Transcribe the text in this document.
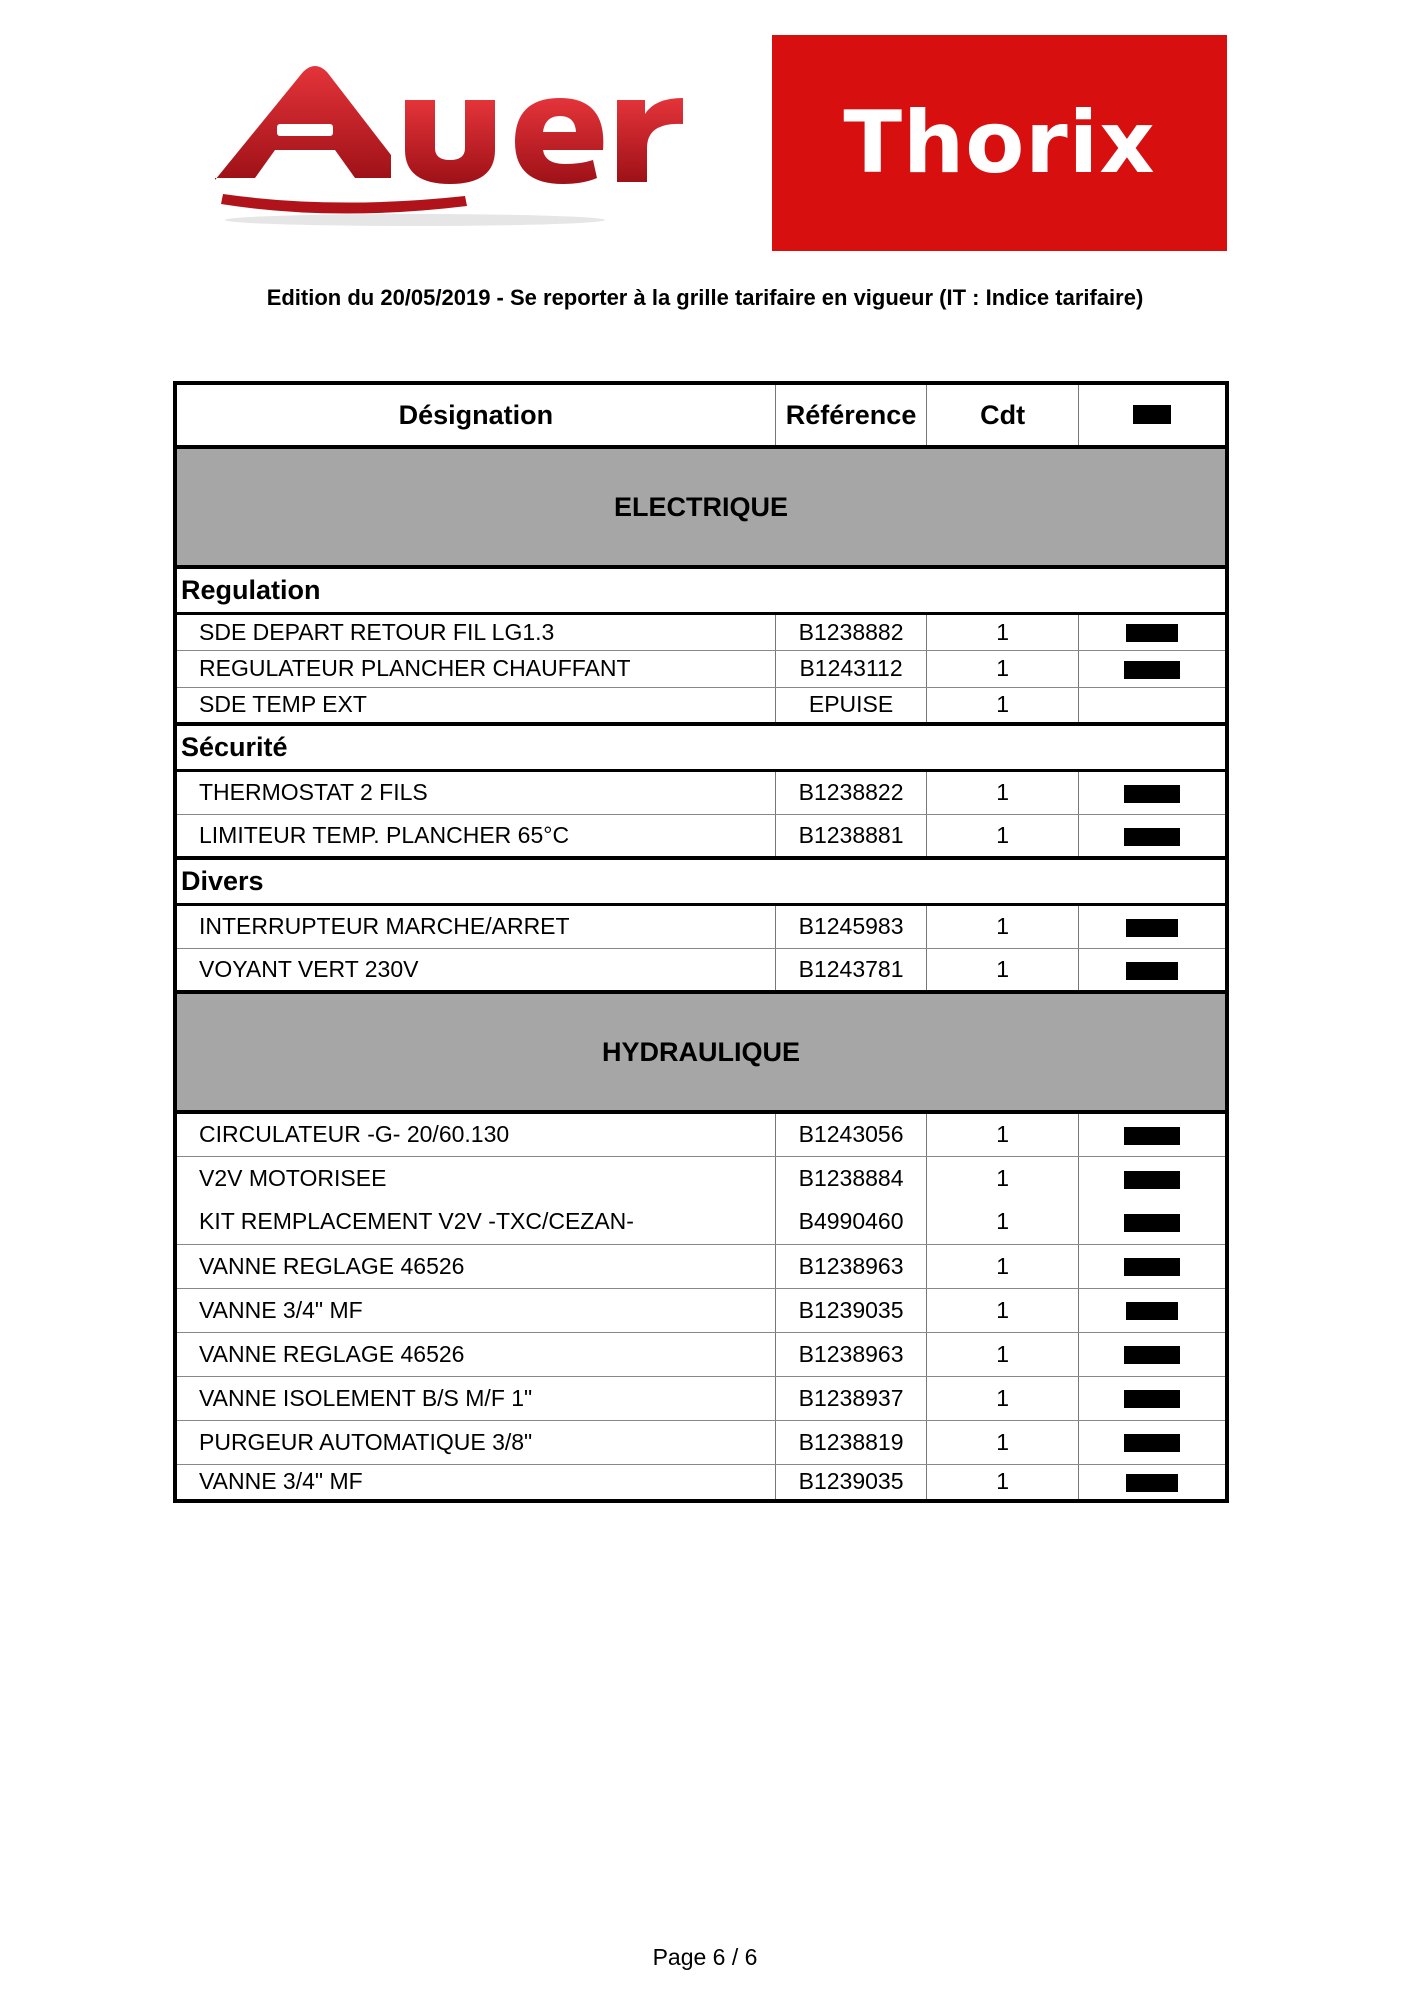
Thorix
Edition du 20/05/2019 - Se reporter à la grille tarifaire en vigueur (IT : Indice tarifaire)
Désignation	Référence	Cdt	
ELECTRIQUE			
Regulation			
SDE DEPART RETOUR FIL LG1.3	B1238882	1	
REGULATEUR PLANCHER CHAUFFANT	B1243112	1	
SDE TEMP EXT	EPUISE	1	
Sécurité			
THERMOSTAT 2 FILS	B1238822	1	
LIMITEUR TEMP. PLANCHER 65°C	B1238881	1	
Divers			
INTERRUPTEUR MARCHE/ARRET	B1245983	1	
VOYANT VERT 230V	B1243781	1	
HYDRAULIQUE			
CIRCULATEUR -G- 20/60.130	B1243056	1	
V2V MOTORISEE	B1238884	1	
KIT REMPLACEMENT V2V -TXC/CEZAN-	B4990460	1	
VANNE REGLAGE 46526	B1238963	1	
VANNE 3/4" MF	B1239035	1	
VANNE REGLAGE 46526	B1238963	1	
VANNE ISOLEMENT B/S M/F 1"	B1238937	1	
PURGEUR AUTOMATIQUE 3/8"	B1238819	1	
VANNE 3/4" MF	B1239035	1	
Page 6 / 6
